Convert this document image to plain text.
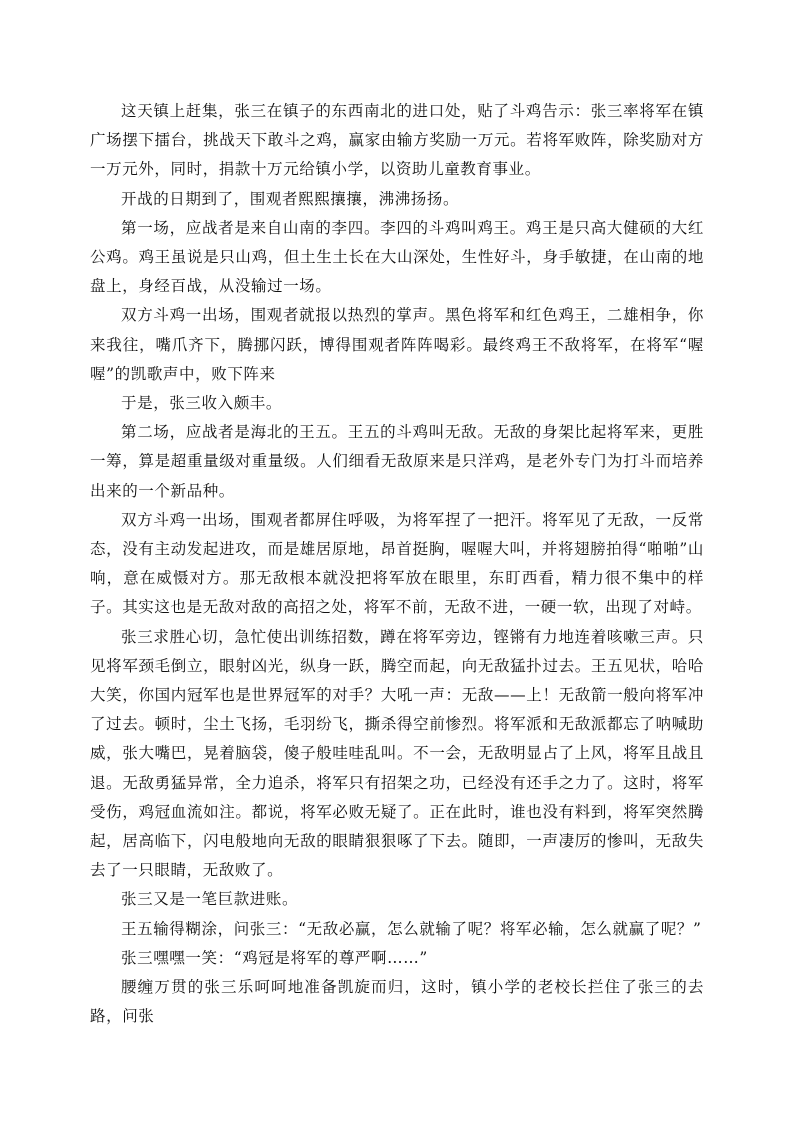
这天镇上赶集，张三在镇子的东西南北的进口处，贴了斗鸡告示：张三率将军在镇广场摆下擂台，挑战天下敢斗之鸡，赢家由输方奖励一万元。若将军败阵，除奖励对方一万元外，同时，捐款十万元给镇小学，以资助儿童教育事业。

开战的日期到了，围观者熙熙攘攘，沸沸扬扬。

第一场，应战者是来自山南的李四。李四的斗鸡叫鸡王。鸡王是只高大健硕的大红公鸡。鸡王虽说是只山鸡，但土生土长在大山深处，生性好斗，身手敏捷，在山南的地盘上，身经百战，从没输过一场。

双方斗鸡一出场，围观者就报以热烈的掌声。黑色将军和红色鸡王，二雄相争，你来我往，嘴爪齐下，腾挪闪跃，博得围观者阵阵喝彩。最终鸡王不敌将军，在将军“喔喔”的凯歌声中，败下阵来

于是，张三收入颇丰。

第二场，应战者是海北的王五。王五的斗鸡叫无敌。无敌的身架比起将军来，更胜一筹，算是超重量级对重量级。人们细看无敌原来是只洋鸡，是老外专门为打斗而培养出来的一个新品种。

双方斗鸡一出场，围观者都屏住呼吸，为将军捏了一把汗。将军见了无敌，一反常态，没有主动发起进攻，而是雄居原地，昂首挺胸，喔喔大叫，并将翅膀拍得“啪啪”山响，意在威慑对方。那无敌根本就没把将军放在眼里，东盯西看，精力很不集中的样子。其实这也是无敌对敌的高招之处，将军不前，无敌不进，一硬一软，出现了对峙。

张三求胜心切，急忙使出训练招数，蹲在将军旁边，铿锵有力地连着咳嗽三声。只见将军颈毛倒立，眼射凶光，纵身一跃，腾空而起，向无敌猛扑过去。王五见状，哈哈大笑，你国内冠军也是世界冠军的对手？大吼一声：无敌——上！无敌箭一般向将军冲了过去。顿时，尘土飞扬，毛羽纷飞，撕杀得空前惨烈。将军派和无敌派都忘了呐喊助威，张大嘴巴，晃着脑袋，傻子般哇哇乱叫。不一会，无敌明显占了上风，将军且战且退。无敌勇猛异常，全力追杀，将军只有招架之功，已经没有还手之力了。这时，将军受伤，鸡冠血流如注。都说，将军必败无疑了。正在此时，谁也没有料到，将军突然腾起，居高临下，闪电般地向无敌的眼睛狠狠啄了下去。随即，一声凄厉的惨叫，无敌失去了一只眼睛，无敌败了。

张三又是一笔巨款进账。

王五输得糊涂，问张三：“无敌必赢，怎么就输了呢？将军必输，怎么就赢了呢？”

张三嘿嘿一笑：“鸡冠是将军的尊严啊……”

腰缠万贯的张三乐呵呵地准备凯旋而归，这时，镇小学的老校长拦住了张三的去路，问张
